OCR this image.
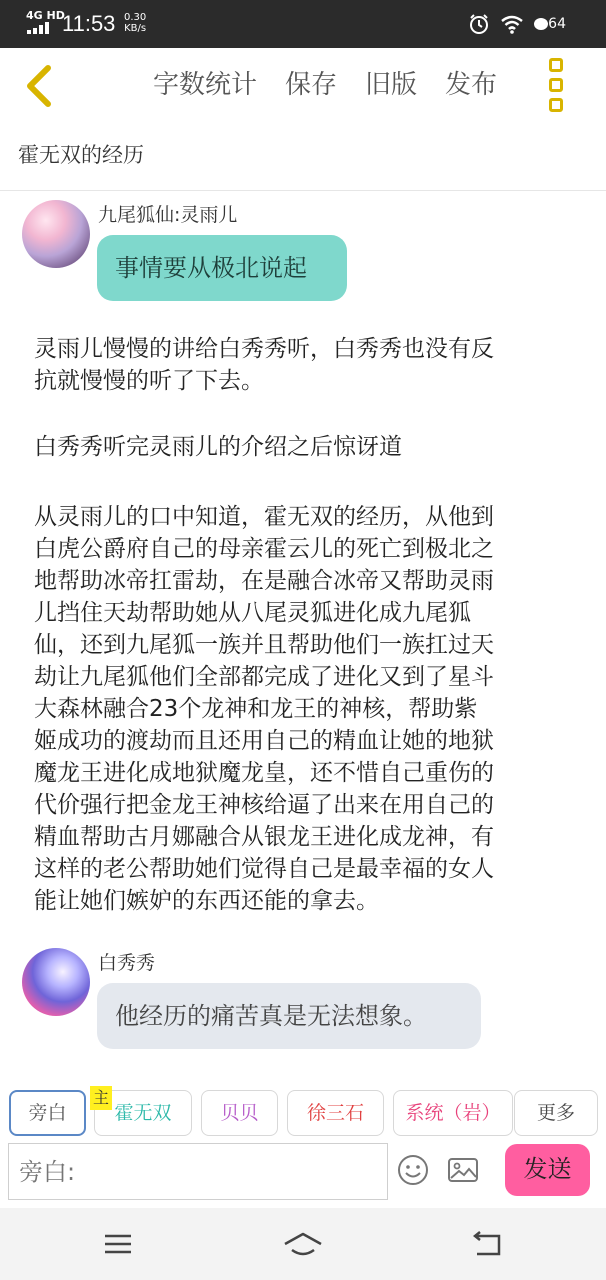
4G HD
11:53 0.30
KB/s	64
字数统计 保存 旧版 发布
霍无双的经历
九尾狐仙:灵雨儿
事情要从极北说起
灵雨儿慢慢的讲给白秀秀听，白秀秀也没有反
抗就慢慢的听了下去。
白秀秀听完灵雨儿的介绍之后惊讶道
从灵雨儿的口中知道，霍无双的经历，从他到
白虎公爵府自己的母亲霍云儿的死亡到极北之
地帮助冰帝扛雷劫，在是融合冰帝又帮助灵雨
儿挡住天劫帮助她从八尾灵狐进化成九尾狐
仙，还到九尾狐一族并且帮助他们一族扛过天
劫让九尾狐他们全部都完成了进化又到了星斗
大森林融合23个龙神和龙王的神核，帮助紫
姬成功的渡劫而且还用自己的精血让她的地狱
魔龙王进化成地狱魔龙皇，还不惜自己重伤的
代价强行把金龙王神核给逼了出来在用自己的
精血帮助古月娜融合从银龙王进化成龙神，有
这样的老公帮助她们觉得自己是最幸福的女人
能让她们嫉妒的东西还能的拿去。
白秀秀
他经历的痛苦真是无法想象。
旁白	霍无双
主
贝贝	徐三石	系统（岩）	更多
旁白:
发送
